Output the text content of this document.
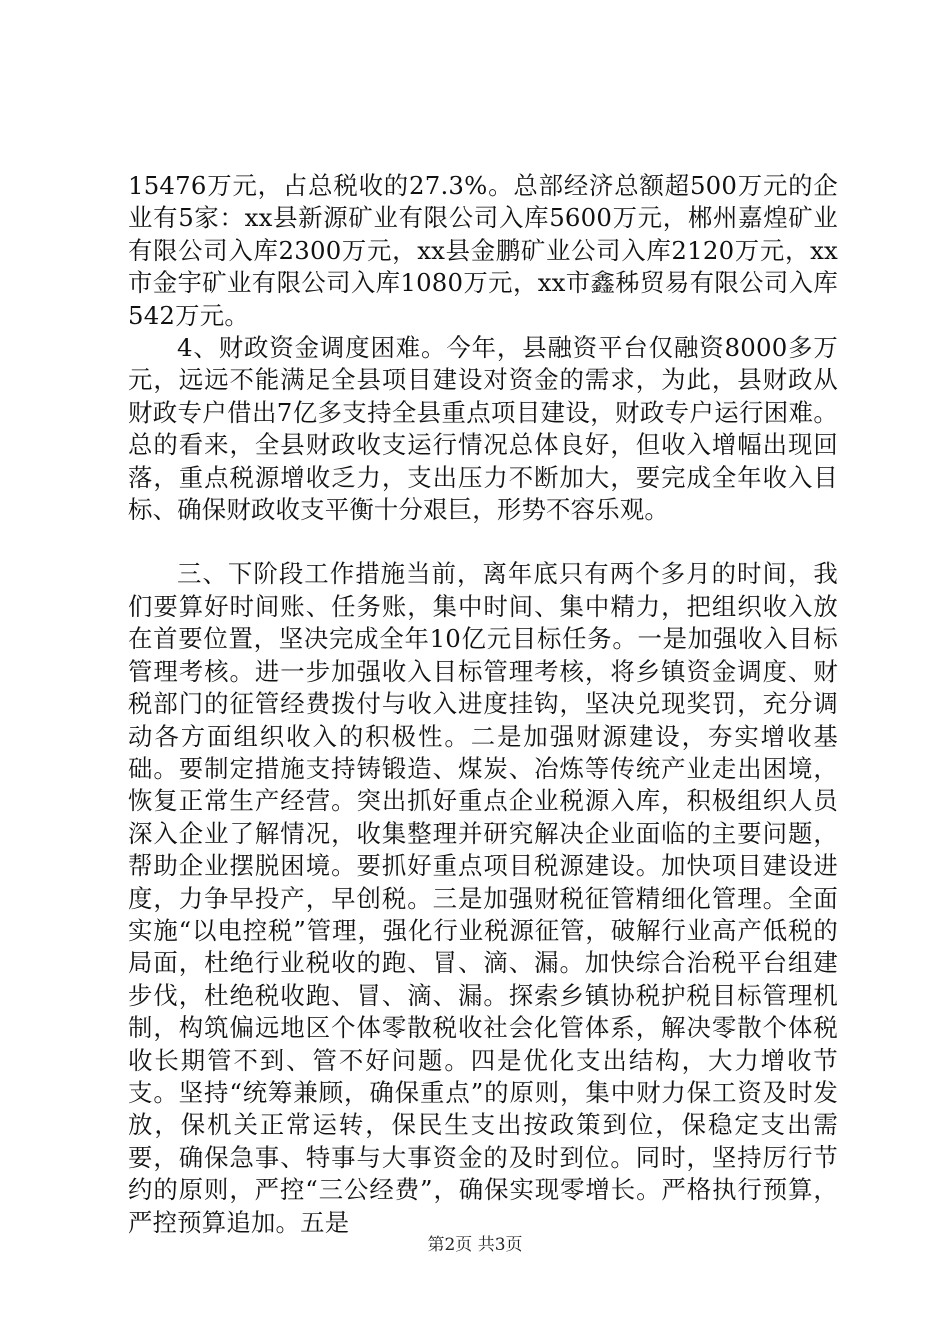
15476万元，占总税收的27.3%。总部经济总额超500万元的企业有5家：xx县新源矿业有限公司入库5600万元，郴州嘉煌矿业有限公司入库2300万元，xx县金鹏矿业公司入库2120万元，xx市金宇矿业有限公司入库1080万元，xx市鑫秭贸易有限公司入库542万元。

4、财政资金调度困难。今年，县融资平台仅融资8000多万元，远远不能满足全县项目建设对资金的需求，为此，县财政从财政专户借出7亿多支持全县重点项目建设，财政专户运行困难。总的看来，全县财政收支运行情况总体良好，但收入增幅出现回落，重点税源增收乏力，支出压力不断加大，要完成全年收入目标、确保财政收支平衡十分艰巨，形势不容乐观。

三、下阶段工作措施当前，离年底只有两个多月的时间，我们要算好时间账、任务账，集中时间、集中精力，把组织收入放在首要位置，坚决完成全年10亿元目标任务。一是加强收入目标管理考核。进一步加强收入目标管理考核，将乡镇资金调度、财税部门的征管经费拨付与收入进度挂钩，坚决兑现奖罚，充分调动各方面组织收入的积极性。二是加强财源建设，夯实增收基础。要制定措施支持铸锻造、煤炭、冶炼等传统产业走出困境，恢复正常生产经营。突出抓好重点企业税源入库，积极组织人员深入企业了解情况，收集整理并研究解决企业面临的主要问题，帮助企业摆脱困境。要抓好重点项目税源建设。加快项目建设进度，力争早投产，早创税。三是加强财税征管精细化管理。全面实施“以电控税”管理，强化行业税源征管，破解行业高产低税的局面，杜绝行业税收的跑、冒、滴、漏。加快综合治税平台组建步伐，杜绝税收跑、冒、滴、漏。探索乡镇协税护税目标管理机制，构筑偏远地区个体零散税收社会化管体系，解决零散个体税收长期管不到、管不好问题。四是优化支出结构，大力增收节支。坚持“统筹兼顾，确保重点”的原则，集中财力保工资及时发放，保机关正常运转，保民生支出按政策到位，保稳定支出需要，确保急事、特事与大事资金的及时到位。同时，坚持厉行节约的原则，严控“三公经费”，确保实现零增长。严格执行预算，严控预算追加。五是

第2页 共3页
